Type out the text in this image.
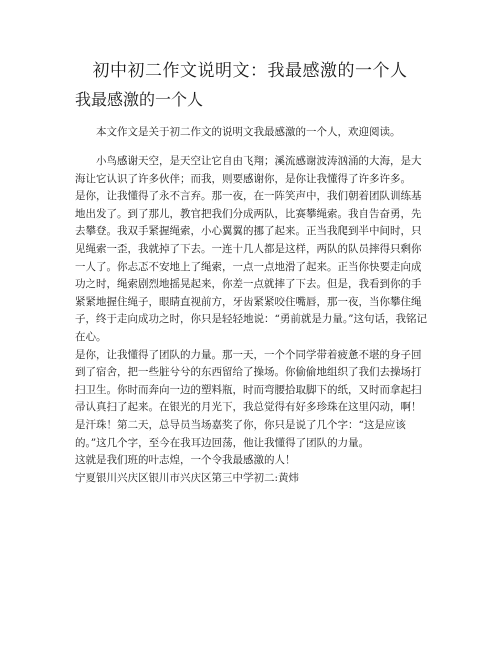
初中初二作文说明文：我最感激的一个人
我最感激的一个人
本文作文是关于初二作文的说明文我最感激的一个人，欢迎阅读。

小鸟感谢天空，是天空让它自由飞翔；溪流感谢波涛汹涌的大海，是大海让它认识了许多伙伴；而我，则要感谢你，是你让我懂得了许多许多。

是你，让我懂得了永不言弃。那一夜，在一阵笑声中，我们朝着团队训练基地出发了。到了那儿，教官把我们分成两队，比赛攀绳索。我自告奋勇，先去攀登。我双手紧握绳索，小心翼翼的挪了起来。正当我爬到半中间时，只见绳索一歪，我就掉了下去。一连十几人都是这样，两队的队员摔得只剩你一人了。你忐忑不安地上了绳索，一点一点地滑了起来。正当你快要走向成功之时，绳索剧烈地摇晃起来，你差一点就摔了下去。但是，我看到你的手紧紧地握住绳子，眼睛直视前方，牙齿紧紧咬住嘴唇，那一夜，当你攀住绳子，终于走向成功之时，你只是轻轻地说：“勇前就是力量。”这句话，我铭记在心。

是你，让我懂得了团队的力量。那一天，一个个同学带着疲惫不堪的身子回到了宿舍，把一些脏兮兮的东西留给了操场。你偷偷地组织了我们去操场打扫卫生。你时而奔向一边的塑料瓶，时而弯腰拾取脚下的纸，又时而拿起扫帚认真扫了起来。在银光的月光下，我总觉得有好多珍珠在这里闪动，啊！是汗珠！第二天，总导员当场嘉奖了你，你只是说了几个字：“这是应该的。”这几个字，至今在我耳边回荡，他让我懂得了团队的力量。

这就是我们班的叶志煌，一个令我最感激的人！

宁夏银川兴庆区银川市兴庆区第三中学初二:黄炜
